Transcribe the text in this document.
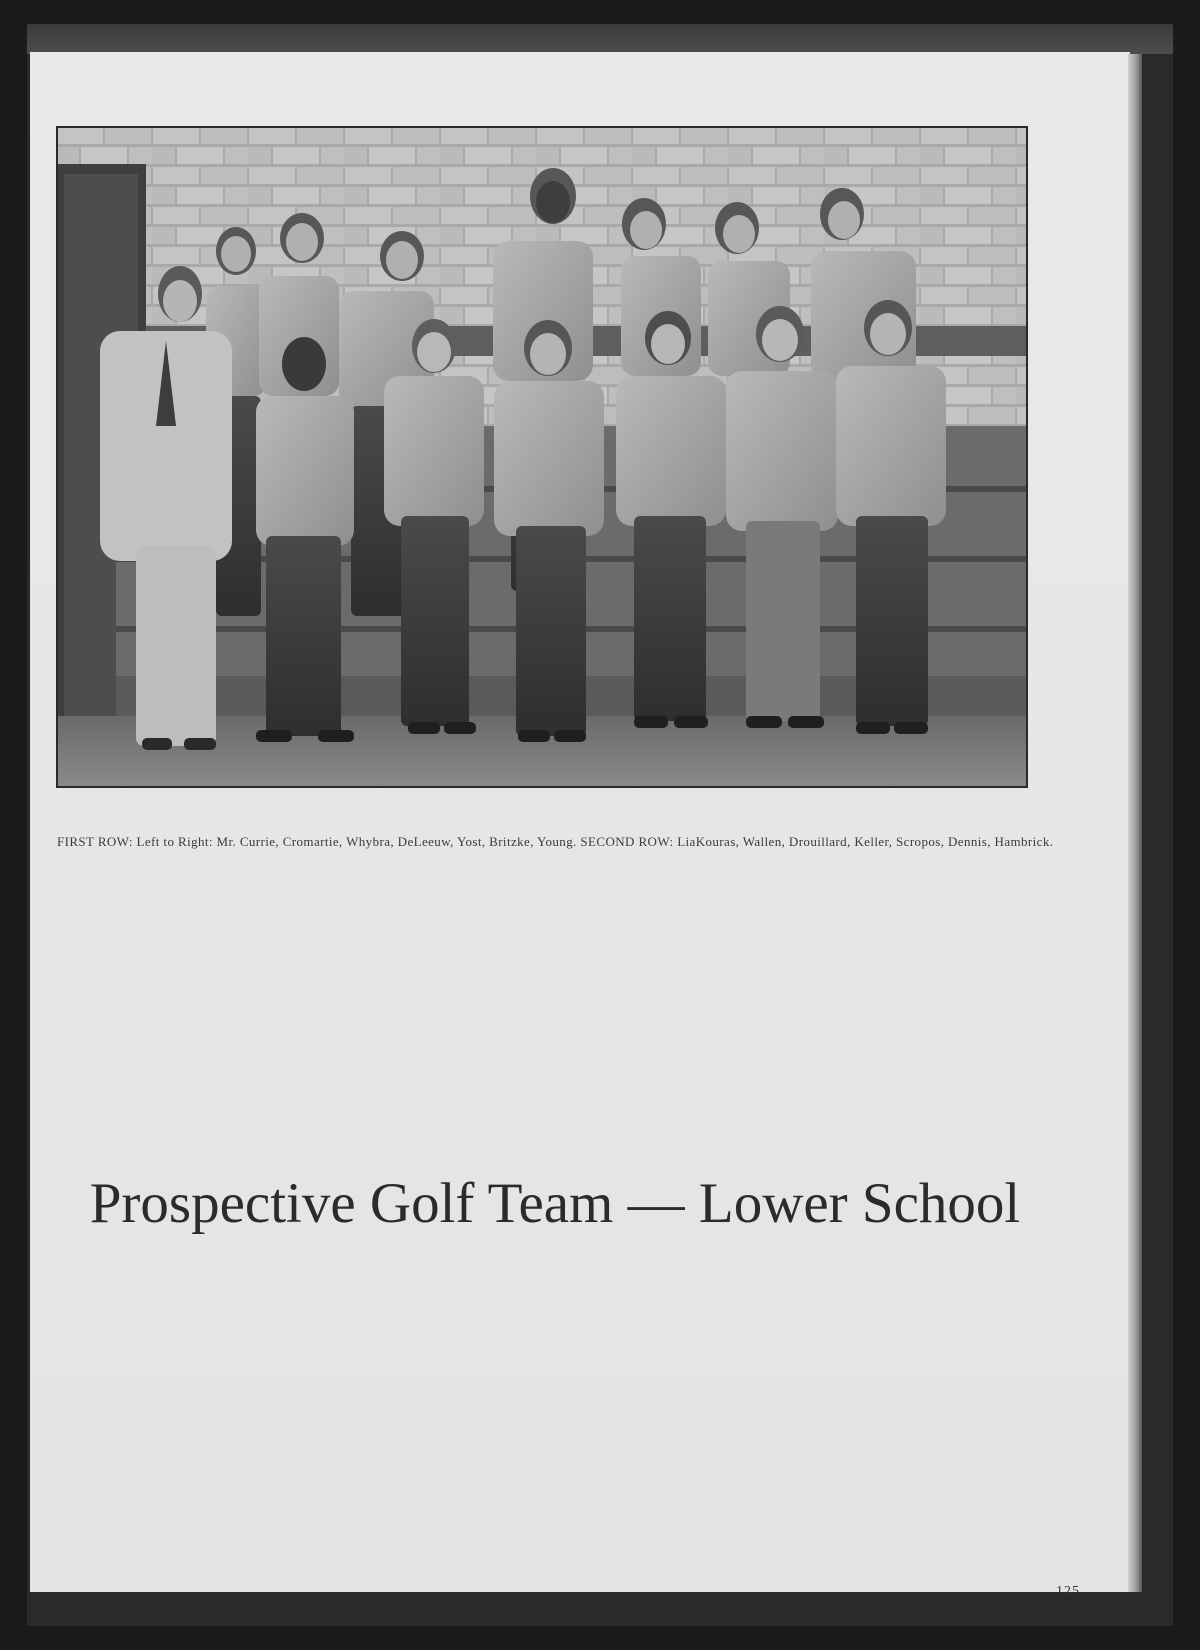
FIRST ROW: Left to Right: Mr. Currie, Cromartie, Whybra, DeLeeuw, Yost, Britzke, Young. SECOND ROW: LiaKouras, Wallen, Drouillard, Keller, Scropos, Dennis, Hambrick.
Prospective Golf Team — Lower School
125
